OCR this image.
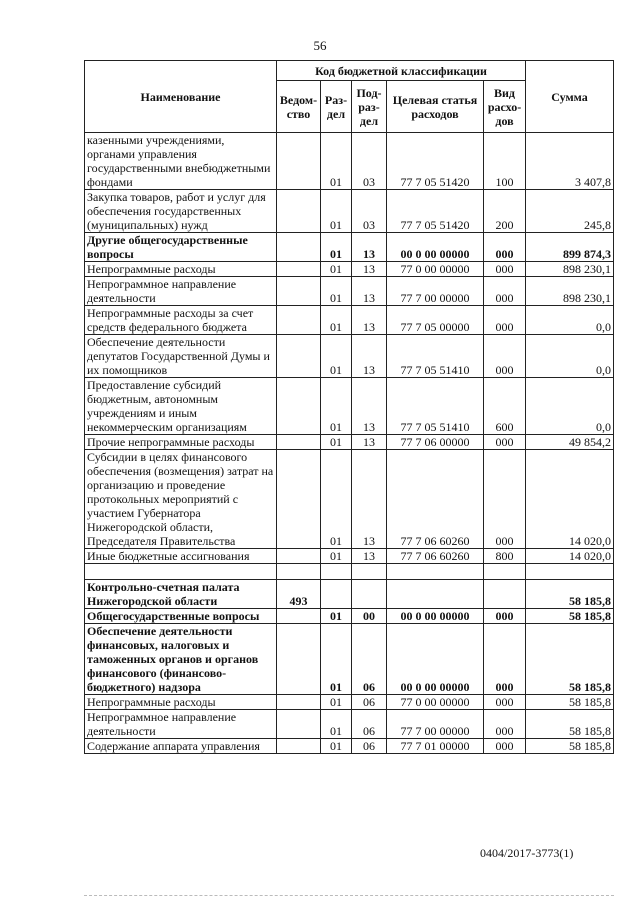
56
Наименование	Код бюджетной классификации					Сумма
	Ведом-ство	Раз-дел	Под-раз-дел	Целевая статья расходов	Вид расхо-дов	
казенными учреждениями, органами управления государственными внебюджетными фондами		01	03	77 7 05 51420	100	3 407,8
Закупка товаров, работ и услуг для обеспечения государственных (муниципальных) нужд		01	03	77 7 05 51420	200	245,8
Другие общегосударственные вопросы		01	13	00 0 00 00000	000	899 874,3
Непрограммные расходы		01	13	77 0 00 00000	000	898 230,1
Непрограммное направление деятельности		01	13	77 7 00 00000	000	898 230,1
Непрограммные расходы за счет средств федерального бюджета		01	13	77 7 05 00000	000	0,0
Обеспечение деятельности депутатов Государственной Думы и их помощников		01	13	77 7 05 51410	000	0,0
Предоставление субсидий бюджетным, автономным учреждениям и иным некоммерческим организациям		01	13	77 7 05 51410	600	0,0
Прочие непрограммные расходы		01	13	77 7 06 00000	000	49 854,2
Субсидии в целях финансового обеспечения (возмещения) затрат на организацию и проведение протокольных мероприятий с участием Губернатора Нижегородской области, Председателя Правительства		01	13	77 7 06 60260	000	14 020,0
Иные бюджетные ассигнования		01	13	77 7 06 60260	800	14 020,0

Контрольно-счетная палата Нижегородской области	493					58 185,8
Общегосударственные вопросы		01	00	00 0 00 00000	000	58 185,8
Обеспечение деятельности финансовых, налоговых и таможенных органов и органов финансового (финансово-бюджетного) надзора		01	06	00 0 00 00000	000	58 185,8
Непрограммные расходы		01	06	77 0 00 00000	000	58 185,8
Непрограммное направление деятельности		01	06	77 7 00 00000	000	58 185,8
Содержание аппарата управления		01	06	77 7 01 00000	000	58 185,8
0404/2017-3773(1)
